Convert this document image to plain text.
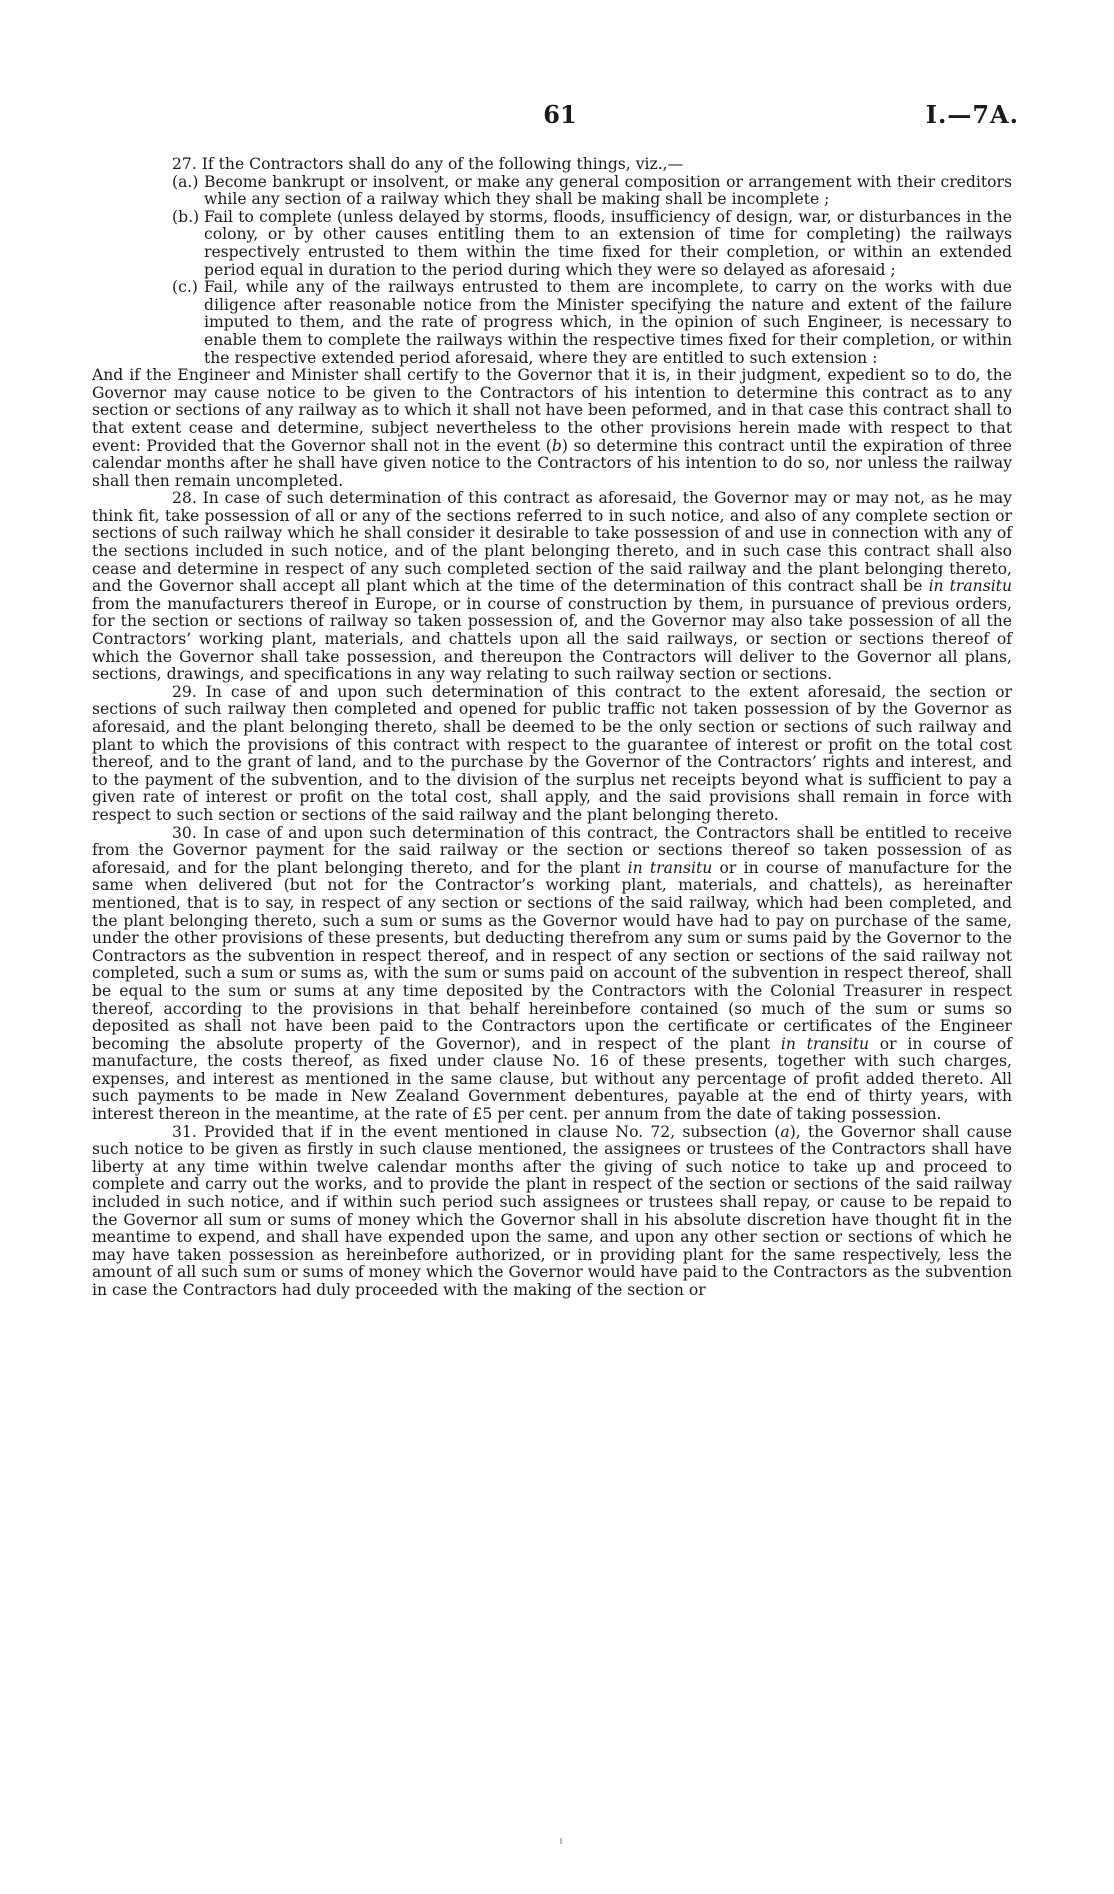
61	I.—7A.

27. If the Contractors shall do any of the following things, viz.,—

(a.) Become bankrupt or insolvent, or make any general composition or arrangement with their creditors while any section of a railway which they shall be making shall be incomplete ;

(b.) Fail to complete (unless delayed by storms, floods, insufficiency of design, war, or disturbances in the colony, or by other causes entitling them to an extension of time for completing) the railways respectively entrusted to them within the time fixed for their completion, or within an extended period equal in duration to the period during which they were so delayed as aforesaid ;

(c.) Fail, while any of the railways entrusted to them are incomplete, to carry on the works with due diligence after reasonable notice from the Minister specifying the nature and extent of the failure imputed to them, and the rate of progress which, in the opinion of such Engineer, is necessary to enable them to complete the railways within the respective times fixed for their completion, or within the respective extended period aforesaid, where they are entitled to such extension :

And if the Engineer and Minister shall certify to the Governor that it is, in their judgment, expedient so to do, the Governor may cause notice to be given to the Contractors of his intention to determine this contract as to any section or sections of any railway as to which it shall not have been peformed, and in that case this contract shall to that extent cease and determine, subject nevertheless to the other provisions herein made with respect to that event: Provided that the Governor shall not in the event (b) so determine this contract until the expiration of three calendar months after he shall have given notice to the Contractors of his intention to do so, nor unless the railway shall then remain uncompleted.

28. In case of such determination of this contract as aforesaid, the Governor may or may not, as he may think fit, take possession of all or any of the sections referred to in such notice, and also of any complete section or sections of such railway which he shall consider it desirable to take possession of and use in connection with any of the sections included in such notice, and of the plant belonging thereto, and in such case this contract shall also cease and determine in respect of any such completed section of the said railway and the plant belonging thereto, and the Governor shall accept all plant which at the time of the determination of this contract shall be in transitu from the manufacturers thereof in Europe, or in course of construction by them, in pursuance of previous orders, for the section or sections of railway so taken possession of, and the Governor may also take possession of all the Contractors’ working plant, materials, and chattels upon all the said railways, or section or sections thereof of which the Governor shall take possession, and thereupon the Contractors will deliver to the Governor all plans, sections, drawings, and specifications in any way relating to such railway section or sections.

29. In case of and upon such determination of this contract to the extent aforesaid, the section or sections of such railway then completed and opened for public traffic not taken possession of by the Governor as aforesaid, and the plant belonging thereto, shall be deemed to be the only section or sections of such railway and plant to which the provisions of this contract with respect to the guarantee of interest or profit on the total cost thereof, and to the grant of land, and to the purchase by the Governor of the Contractors’ rights and interest, and to the payment of the subvention, and to the division of the surplus net receipts beyond what is sufficient to pay a given rate of interest or profit on the total cost, shall apply, and the said provisions shall remain in force with respect to such section or sections of the said railway and the plant belonging thereto.

30. In case of and upon such determination of this contract, the Contractors shall be entitled to receive from the Governor payment for the said railway or the section or sections thereof so taken possession of as aforesaid, and for the plant belonging thereto, and for the plant in transitu or in course of manufacture for the same when delivered (but not for the Contractor’s working plant, materials, and chattels), as hereinafter mentioned, that is to say, in respect of any section or sections of the said railway, which had been completed, and the plant belonging thereto, such a sum or sums as the Governor would have had to pay on purchase of the same, under the other provisions of these presents, but deducting therefrom any sum or sums paid by the Governor to the Contractors as the subvention in respect thereof, and in respect of any section or sections of the said railway not completed, such a sum or sums as, with the sum or sums paid on account of the subvention in respect thereof, shall be equal to the sum or sums at any time deposited by the Contractors with the Colonial Treasurer in respect thereof, according to the provisions in that behalf hereinbefore contained (so much of the sum or sums so deposited as shall not have been paid to the Contractors upon the certificate or certificates of the Engineer becoming the absolute property of the Governor), and in respect of the plant in transitu or in course of manufacture, the costs thereof, as fixed under clause No. 16 of these presents, together with such charges, expenses, and interest as mentioned in the same clause, but without any percentage of profit added thereto. All such payments to be made in New Zealand Government debentures, payable at the end of thirty years, with interest thereon in the meantime, at the rate of £5 per cent. per annum from the date of taking possession.

31. Provided that if in the event mentioned in clause No. 72, subsection (a), the Governor shall cause such notice to be given as firstly in such clause mentioned, the assignees or trustees of the Contractors shall have liberty at any time within twelve calendar months after the giving of such notice to take up and proceed to complete and carry out the works, and to provide the plant in respect of the section or sections of the said railway included in such notice, and if within such period such assignees or trustees shall repay, or cause to be repaid to the Governor all sum or sums of money which the Governor shall in his absolute discretion have thought fit in the meantime to expend, and shall have expended upon the same, and upon any other section or sections of which he may have taken possession as hereinbefore authorized, or in providing plant for the same respectively, less the amount of all such sum or sums of money which the Governor would have paid to the Contractors as the subvention in case the Contractors had duly proceeded with the making of the section or
